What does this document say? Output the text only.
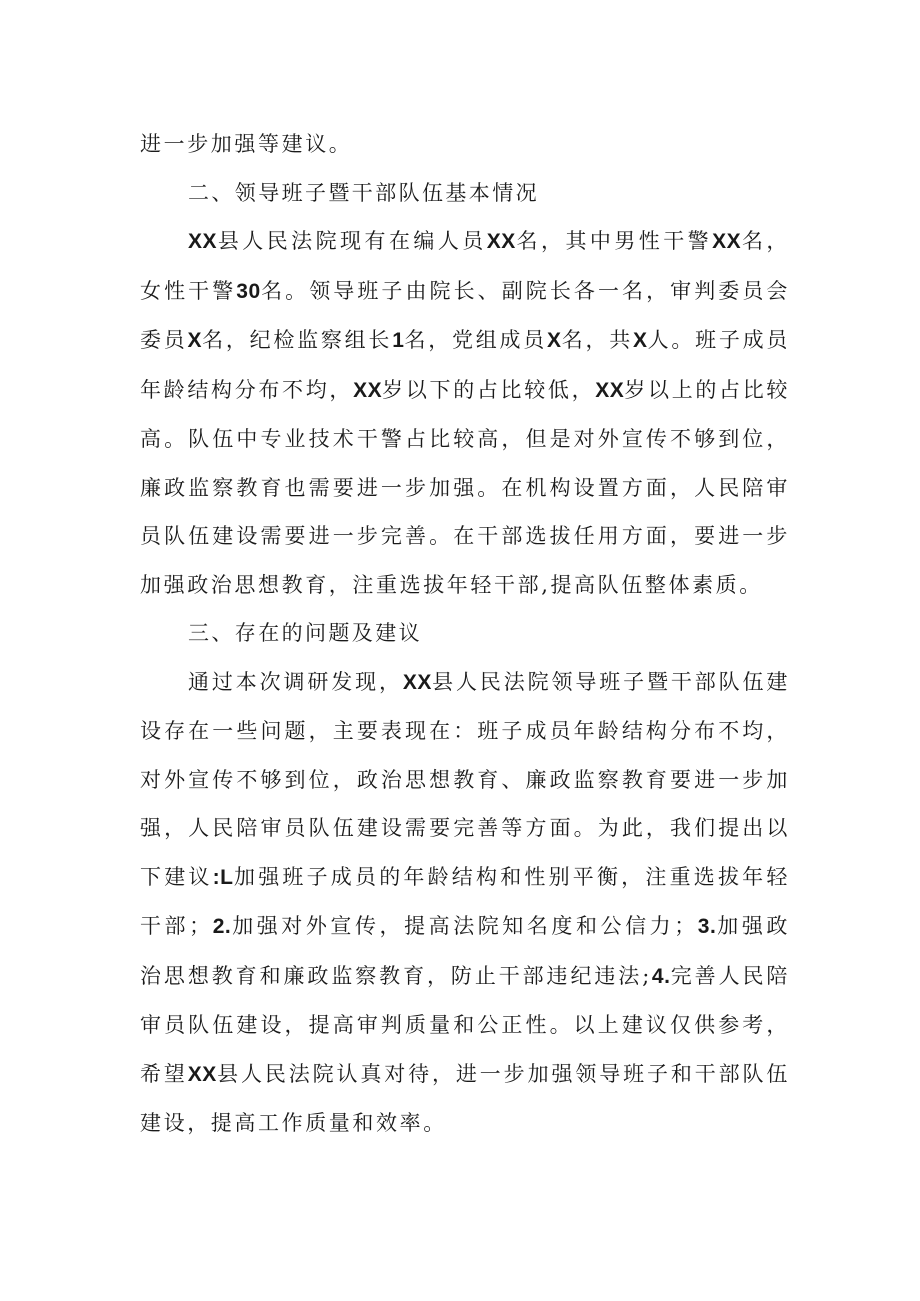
进一步加强等建议。

二、领导班子暨干部队伍基本情况

XX县人民法院现有在编人员XX名，其中男性干警XX名，女性干警30名。领导班子由院长、副院长各一名，审判委员会委员X名，纪检监察组长1名，党组成员X名，共X人。班子成员年龄结构分布不均，XX岁以下的占比较低，XX岁以上的占比较高。队伍中专业技术干警占比较高，但是对外宣传不够到位，廉政监察教育也需要进一步加强。在机构设置方面，人民陪审员队伍建设需要进一步完善。在干部选拔任用方面，要进一步加强政治思想教育，注重选拔年轻干部,提高队伍整体素质。

三、存在的问题及建议

通过本次调研发现，XX县人民法院领导班子暨干部队伍建设存在一些问题，主要表现在：班子成员年龄结构分布不均，对外宣传不够到位，政治思想教育、廉政监察教育要进一步加强，人民陪审员队伍建设需要完善等方面。为此，我们提出以下建议:L加强班子成员的年龄结构和性别平衡，注重选拔年轻干部；2.加强对外宣传，提高法院知名度和公信力；3.加强政治思想教育和廉政监察教育，防止干部违纪违法;4.完善人民陪审员队伍建设，提高审判质量和公正性。以上建议仅供参考，希望XX县人民法院认真对待，进一步加强领导班子和干部队伍建设，提高工作质量和效率。
